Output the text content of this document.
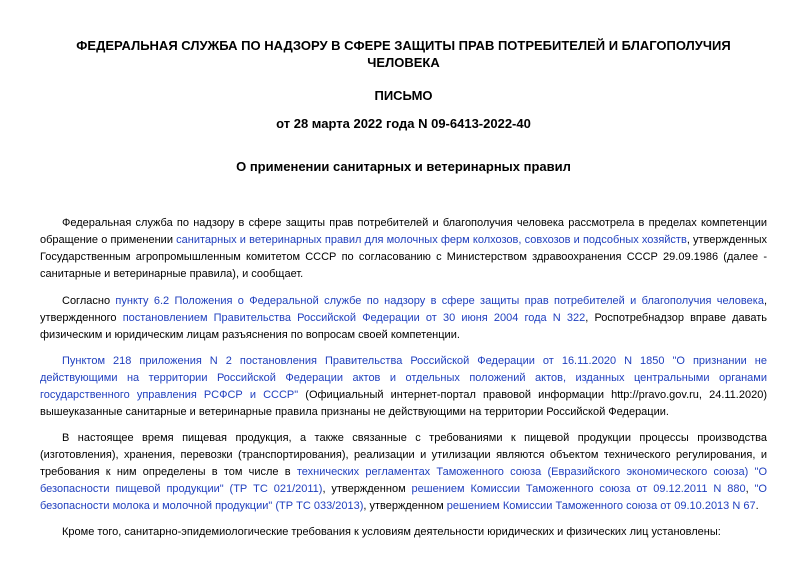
ФЕДЕРАЛЬНАЯ СЛУЖБА ПО НАДЗОРУ В СФЕРЕ ЗАЩИТЫ ПРАВ ПОТРЕБИТЕЛЕЙ И БЛАГОПОЛУЧИЯ ЧЕЛОВЕКА
ПИСЬМО
от 28 марта 2022 года N 09-6413-2022-40
О применении санитарных и ветеринарных правил

Федеральная служба по надзору в сфере защиты прав потребителей и благополучия человека рассмотрела в пределах компетенции обращение о применении санитарных и ветеринарных правил для молочных ферм колхозов, совхозов и подсобных хозяйств, утвержденных Государственным агропромышленным комитетом СССР по согласованию с Министерством здравоохранения СССР 29.09.1986 (далее - санитарные и ветеринарные правила), и сообщает.

Согласно пункту 6.2 Положения о Федеральной службе по надзору в сфере защиты прав потребителей и благополучия человека, утвержденного постановлением Правительства Российской Федерации от 30 июня 2004 года N 322, Роспотребнадзор вправе давать физическим и юридическим лицам разъяснения по вопросам своей компетенции.

Пунктом 218 приложения N 2 постановления Правительства Российской Федерации от 16.11.2020 N 1850 "О признании не действующими на территории Российской Федерации актов и отдельных положений актов, изданных центральными органами государственного управления РСФСР и СССР" (Официальный интернет-портал правовой информации http://pravo.gov.ru, 24.11.2020) вышеуказанные санитарные и ветеринарные правила признаны не действующими на территории Российской Федерации.

В настоящее время пищевая продукция, а также связанные с требованиями к пищевой продукции процессы производства (изготовления), хранения, перевозки (транспортирования), реализации и утилизации являются объектом технического регулирования, и требования к ним определены в том числе в технических регламентах Таможенного союза (Евразийского экономического союза) "О безопасности пищевой продукции" (ТР ТС 021/2011), утвержденном решением Комиссии Таможенного союза от 09.12.2011 N 880, "О безопасности молока и молочной продукции" (ТР ТС 033/2013), утвержденном решением Комиссии Таможенного союза от 09.10.2013 N 67.

Кроме того, санитарно-эпидемиологические требования к условиям деятельности юридических и физических лиц установлены:
